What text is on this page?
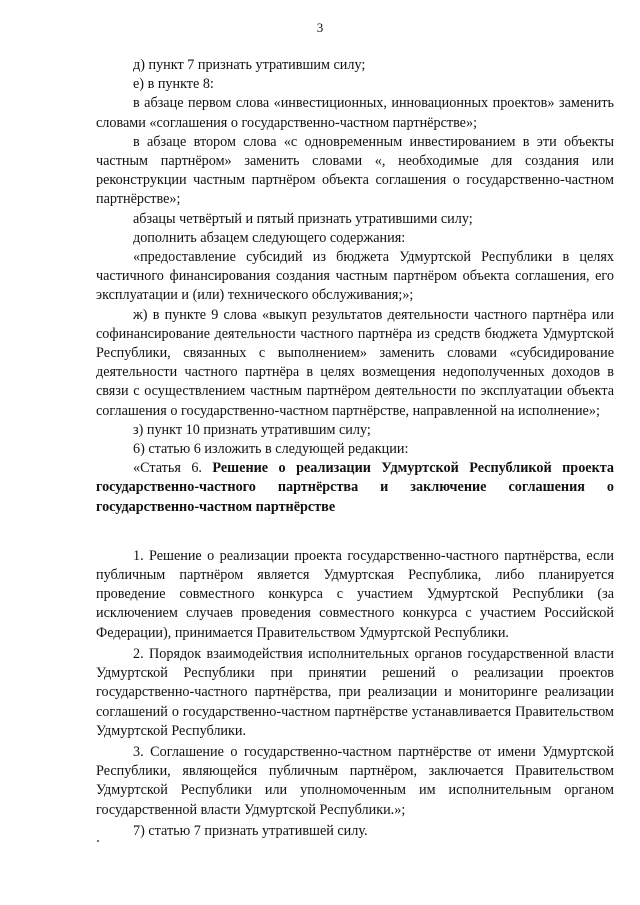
3

д) пункт 7 признать утратившим силу;

е) в пункте 8:

в абзаце первом слова «инвестиционных, инновационных проектов» заменить словами «соглашения о государственно-частном партнёрстве»;

в абзаце втором слова «с одновременным инвестированием в эти объекты частным партнёром» заменить словами «, необходимые для создания или реконструкции частным партнёром объекта соглашения о государственно-частном партнёрстве»;

абзацы четвёртый и пятый признать утратившими силу;

дополнить абзацем следующего содержания:

«предоставление субсидий из бюджета Удмуртской Республики в целях частичного финансирования создания частным партнёром объекта соглашения, его эксплуатации и (или) технического обслуживания;»;

ж) в пункте 9 слова «выкуп результатов деятельности частного партнёра или софинансирование деятельности частного партнёра из средств бюджета Удмуртской Республики, связанных с выполнением» заменить словами «субсидирование деятельности частного партнёра в целях возмещения недополученных доходов в связи с осуществлением частным партнёром деятельности по эксплуатации объекта соглашения о государственно-частном партнёрстве, направленной на исполнение»;

з) пункт 10 признать утратившим силу;

6) статью 6 изложить в следующей редакции:

«Статья 6. Решение о реализации Удмуртской Республикой проекта государственно-частного партнёрства и заключение соглашения о государственно-частном партнёрстве

1. Решение о реализации проекта государственно-частного партнёрства, если публичным партнёром является Удмуртская Республика, либо планируется проведение совместного конкурса с участием Удмуртской Республики (за исключением случаев проведения совместного конкурса с участием Российской Федерации), принимается Правительством Удмуртской Республики.

2. Порядок взаимодействия исполнительных органов государственной власти Удмуртской Республики при принятии решений о реализации проектов государственно-частного партнёрства, при реализации и мониторинге реализации соглашений о государственно-частном партнёрстве устанавливается Правительством Удмуртской Республики.

3. Соглашение о государственно-частном партнёрстве от имени Удмуртской Республики, являющейся публичным партнёром, заключается Правительством Удмуртской Республики или уполномоченным им исполнительным органом государственной власти Удмуртской Республики.»;

7) статью 7 признать утратившей силу.
